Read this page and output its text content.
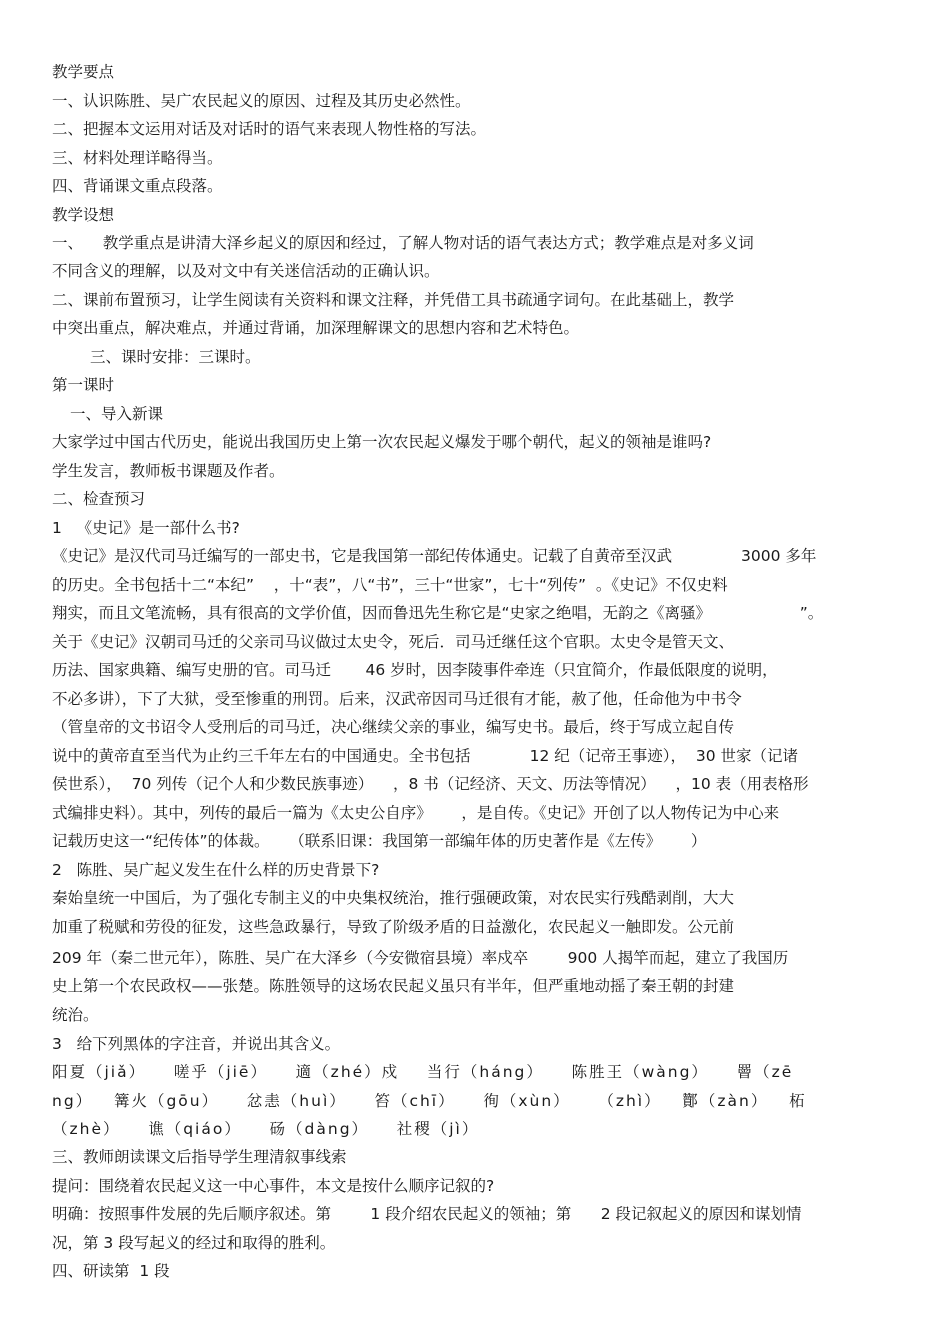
教学要点
一、认识陈胜、吴广农民起义的原因、过程及其历史必然性。
二、把握本文运用对话及对话时的语气来表现人物性格的写法。
三、材料处理详略得当。
四、背诵课文重点段落。
教学设想
一、    教学重点是讲清大泽乡起义的原因和经过，了解人物对话的语气表达方式；教学难点是对多义词
不同含义的理解，以及对文中有关迷信活动的正确认识。
二、课前布置预习，让学生阅读有关资料和课文注释，并凭借工具书疏通字词句。在此基础上，教学
中突出重点，解决难点，并通过背诵，加深理解课文的思想内容和艺术特色。
三、课时安排：三课时。
第一课时
一、导入新课
大家学过中国古代历史，能说出我国历史上第一次农民起义爆发于哪个朝代，起义的领袖是谁吗?
学生发言，教师板书课题及作者。
二、检查预习
1   《史记》是一部什么书?
《史记》是汉代司马迁编写的一部史书，它是我国第一部纪传体通史。记载了自黄帝至汉武              3000 多年
的历史。全书包括十二“本纪”    ，十“表”，八“书”，三十“世家”，七十“列传”  。《史记》不仅史料
翔实，而且文笔流畅，具有很高的文学价值，因而鲁迅先生称它是“史家之绝唱，无韵之《离骚》                  ”。
关于《史记》汉朝司马迁的父亲司马议做过太史令，死后．司马迁继任这个官职。太史令是管天文、
历法、国家典籍、编写史册的官。司马迁       46 岁时，因李陵事件牵连（只宜简介，作最低限度的说明，
不必多讲），下了大狱，受至惨重的刑罚。后来，汉武帝因司马迁很有才能，赦了他，任命他为中书令
（管皇帝的文书诏令人受刑后的司马迁，决心继续父亲的事业，编写史书。最后，终于写成立起自传
说中的黄帝直至当代为止约三千年左右的中国通史。全书包括            12 纪（记帝王事迹），  30 世家（记诸
侯世系），  70 列传（记个人和少数民族事迹）    ，8 书（记经济、天文、历法等情况）    ，10 表（用表格形
式编排史料）。其中，列传的最后一篇为《太史公自序》      ，是自传。《史记》开创了以人物传记为中心来
记载历史这一“纪传体”的体裁。    （联系旧课：我国第一部编年体的历史著作是《左传》      ）
2   陈胜、吴广起义发生在什么样的历史背景下?
秦始皇统一中国后，为了强化专制主义的中央集权统治，推行强硬政策，对农民实行残酷剥削，大大
加重了税赋和劳役的征发，这些急政暴行，导致了阶级矛盾的日益激化，农民起义一触即发。公元前
209 年（秦二世元年），陈胜、吴广在大泽乡（今安微宿县境）率戍卒        900 人揭竿而起，建立了我国历
史上第一个农民政权——张楚。陈胜领导的这场农民起义虽只有半年，但严重地动摇了秦王朝的封建
统治。
3   给下列黑体的字注音，并说出其含义。
阳夏（jiǎ）    嗟乎（jiē）    適（zhé）戍    当行（háng）    陈胜王（wàng）    罾（zē
ng）   篝火（gōu）    忿恚（huì）    笞（chī）    徇（xùn）    （zhì）   酇（zàn）   柘
（zhè）    谯（qiáo）    砀（dàng）    社稷（jì）
三、教师朗读课文后指导学生理清叙事线索
提问：围绕着农民起义这一中心事件，本文是按什么顺序记叙的?
明确：按照事件发展的先后顺序叙述。第        1 段介绍农民起义的领袖；第      2 段记叙起义的原因和谋划情
况，第 3 段写起义的经过和取得的胜利。
四、研读第  1 段
